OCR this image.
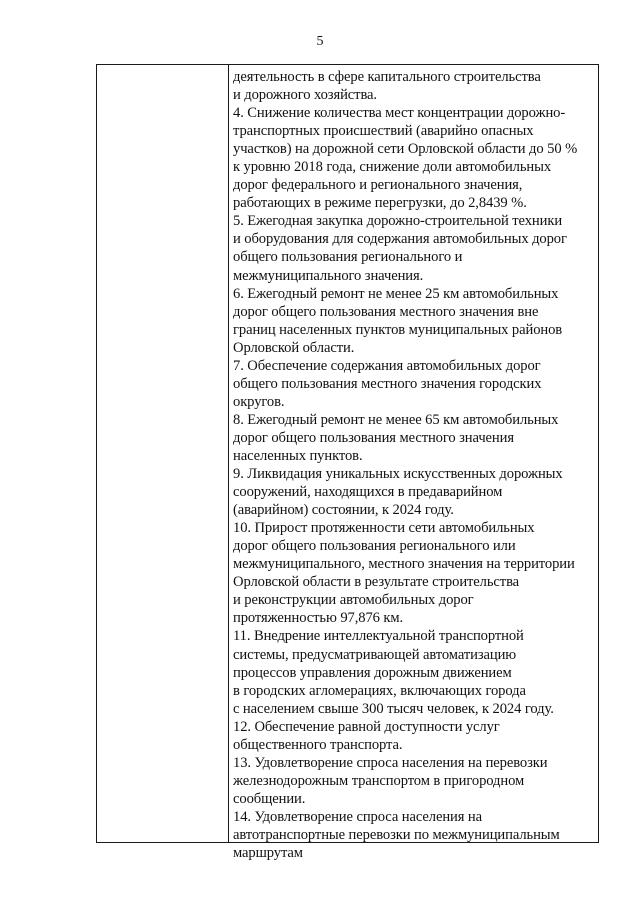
5
деятельность в сфере капитального строительства
и дорожного хозяйства.
4. Снижение количества мест концентрации дорожно-
транспортных происшествий (аварийно опасных
участков) на дорожной сети Орловской области до 50 %
к уровню 2018 года, снижение доли автомобильных
дорог федерального и регионального значения,
работающих в режиме перегрузки, до 2,8439 %.
5. Ежегодная закупка дорожно-строительной техники
и оборудования для содержания автомобильных дорог
общего пользования регионального и
межмуниципального значения.
6. Ежегодный ремонт не менее 25 км автомобильных
дорог общего пользования местного значения вне
границ населенных пунктов муниципальных районов
Орловской области.
7. Обеспечение содержания автомобильных дорог
общего пользования местного значения городских
округов.
8. Ежегодный ремонт не менее 65 км автомобильных
дорог общего пользования местного значения
населенных пунктов.
9. Ликвидация уникальных искусственных дорожных
сооружений, находящихся в предаварийном
(аварийном) состоянии, к 2024 году.
10. Прирост протяженности сети автомобильных
дорог общего пользования регионального или
межмуниципального, местного значения на территории
Орловской области в результате строительства
и реконструкции автомобильных дорог
протяженностью 97,876 км.
11. Внедрение интеллектуальной транспортной
системы, предусматривающей автоматизацию
процессов управления дорожным движением
в городских агломерациях, включающих города
с населением свыше 300 тысяч человек, к 2024 году.
12. Обеспечение равной доступности услуг
общественного транспорта.
13. Удовлетворение спроса населения на перевозки
железнодорожным транспортом в пригородном
сообщении.
14. Удовлетворение спроса населения на
автотранспортные перевозки по межмуниципальным
маршрутам
